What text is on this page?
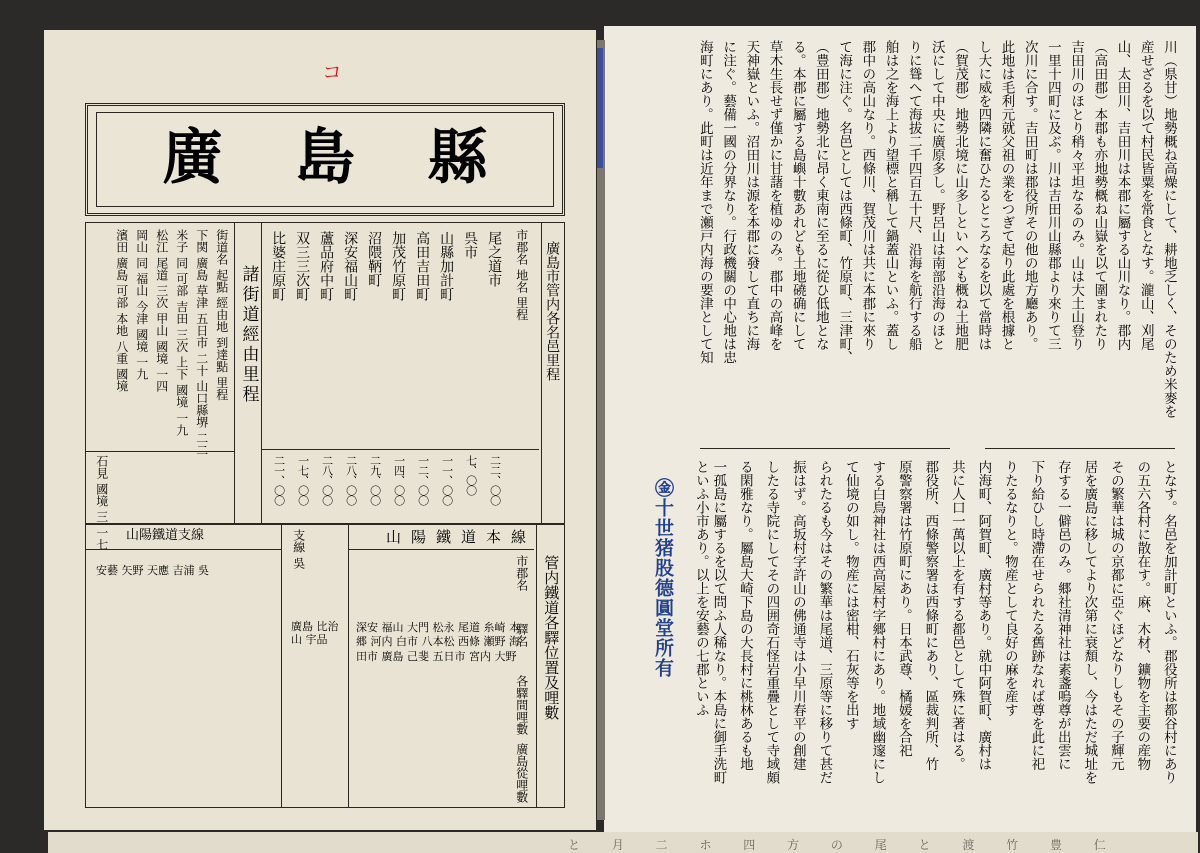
コ
廣 島 縣
廣島市管内各名邑里程
市郡名 地名 里程
尾之道市
二二、〇〇
呉市
七、〇〇
山縣加計町
一一、〇〇
高田吉田町
一二、〇〇
加茂竹原町
一四、〇〇
沼隈鞆町
二九、〇〇
深安福山町
二八、〇〇
蘆品府中町
二八、〇〇
双三三次町
一七、〇〇
比婆庄原町
二一、〇〇
諸街道經由里程
街道名 起點 經由地 到達點 里程
下関 廣島 草津 五日市 二十 山口縣堺 二二
米子 同 可部 吉田 三次 上下 國境 一九
松江 尾道 三次 甲山 國境 一四
岡山 同 福山 今津 國境 一九
濱田 廣島 可部 本地 八重 國境
石見 國境 三 一七
管内鐵道各驛位置及哩數
山陽鐵道本線
支線 吳
山陽鐵道支線
市郡名
驛名
各驛間哩數
廣島從哩數
深安 福山 大門 松永 尾道 糸崎 本郷 河内 白市 八本松 西條 瀬野 海田市 廣島 己斐 五日市 宮内 大野
廣島 比治山 宇品
安藝 矢野 天應 吉浦 吳	㊎十世猪股德圓堂所有
川（県甘）地勢概ね高燥にして、耕地乏しく、そのため米麥を
産せざるを以て村民皆粟を常食となす。瀧山、刈尾
山、太田川、吉田川は本郡に屬する山川なり。郡内
（高田郡）本郡も亦地勢概ね山嶽を以て圍まれたり
吉田川のほとり稍々平坦なるのみ。山は大土山登り
一里十四町に及ぶ。川は吉田川山縣郡より來りて三
次川に合す。吉田町は郡役所その他の地方廳あり。
此地は毛利元就父祖の業をつぎて起り此處を根據と
し大に威を四隣に奮ひたるところなるを以て當時は
（賀茂郡）地勢北境に山多しといへども概ね土地肥
沃にして中央に廣原多し。野呂山は南部沿海のほと
りに聳へて海拔二千四百五十尺、沿海を航行する船
舶は之を海上より望標と稱して鍋蓋山といふ。蓋し
郡中の高山なり。西條川、賀茂川は共に本郡に來り
て海に注ぐ。名邑としては西條町、竹原町、三津町、
（豊田郡）地勢北に昂く東南に至るに從ひ低地とな
る。本郡に屬する島嶼十數あれども土地磽确にして
草木生長せず僅かに甘藷を植ゆのみ。郡中の高峰を
天神嶽といふ。沼田川は源を本郡に發して直ちに海
に注ぐ。藝備一國の分界なり。行政機關の中心地は忠
海町にあり。此町は近年まで瀬戸内海の要津として知
となす。名邑を加計町といふ。郡役所は都谷村にあり
の五六各村に散在す。麻、木材、鑛物を主要の産物
その繁華は城の京都に亞ぐほどなりしもその子輝元
居を廣島に移してより次第に衰頽し、今はただ城址を
存する一僻邑のみ。郷社清神社は素盞嗚尊が出雲に
下り給ひし時滯在せられたる舊跡なれば尊を此に祀
りたるなりと。物産として良好の麻を産す
内海町、阿賀町、廣村等あり。就中阿賀町、廣村は
共に人口一萬以上を有する都邑として殊に著はる。
郡役所、西條警察署は西條町にあり、區裁判所、竹
原警察署は竹原町にあり。日本武尊、橘媛を合祀
する白鳥神社は西高屋村字郷村にあり。地域幽邃にし
て仙境の如し。物産には密柑、石灰等を出す
られたるも今はその繁華は尾道、三原等に移りて甚だ
振はず。高坂村字許山の佛通寺は小早川春平の創建
したる寺院にしてその四囲奇石怪岩重疊として寺域頗
る閑雅なり。屬島大崎下島の大長村に桃林あるも地
一孤島に屬するを以て問ふ人稀なり。本島に御手洗町
といふ小市あり。以上を安藝の七郡といふ
と 月 二 ホ 四 方 の 尾 と 渡 竹 豊 仁
